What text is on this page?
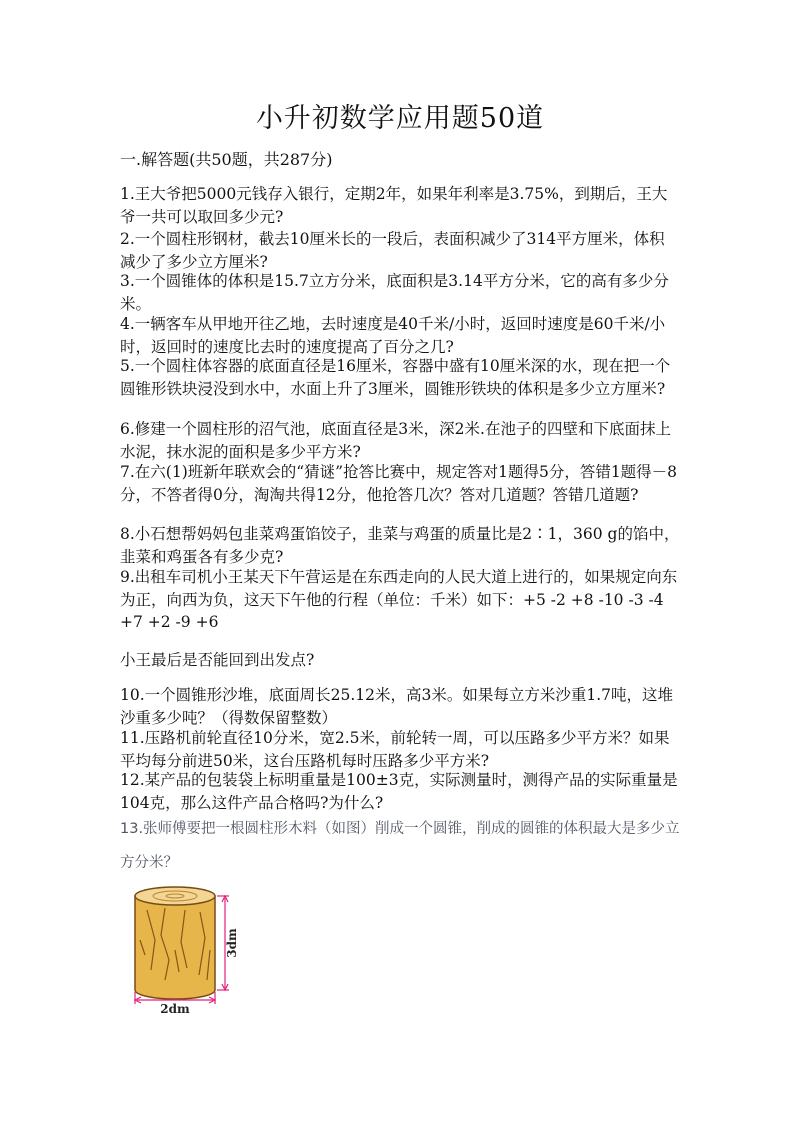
小升初数学应用题50道
一.解答题(共50题，共287分)
1.王大爷把5000元钱存入银行，定期2年，如果年利率是3.75%，到期后，王大爷一共可以取回多少元?
2.一个圆柱形钢材，截去10厘米长的一段后，表面积减少了314平方厘米，体积减少了多少立方厘米?
3.一个圆锥体的体积是15.7立方分米，底面积是3.14平方分米，它的高有多少分米。
4.一辆客车从甲地开往乙地，去时速度是40千米/小时，返回时速度是60千米/小时，返回时的速度比去时的速度提高了百分之几?
5.一个圆柱体容器的底面直径是16厘米，容器中盛有10厘米深的水，现在把一个圆锥形铁块浸没到水中，水面上升了3厘米，圆锥形铁块的体积是多少立方厘米?
6.修建一个圆柱形的沼气池，底面直径是3米，深2米.在池子的四壁和下底面抹上水泥，抹水泥的面积是多少平方米?
7.在六(1)班新年联欢会的“猜谜”抢答比赛中，规定答对1题得5分，答错1题得－8分，不答者得0分，淘淘共得12分，他抢答几次？答对几道题？答错几道题?
8.小石想帮妈妈包韭菜鸡蛋馅饺子，韭菜与鸡蛋的质量比是2∶1，360 g的馅中，韭菜和鸡蛋各有多少克?
9.出租车司机小王某天下午营运是在东西走向的人民大道上进行的，如果规定向东为正，向西为负，这天下午他的行程（单位：千米）如下：+5 -2 +8 -10 -3 -4 +7 +2 -9 +6
小王最后是否能回到出发点?
10.一个圆锥形沙堆，底面周长25.12米，高3米。如果每立方米沙重1.7吨，这堆沙重多少吨？（得数保留整数）
11.压路机前轮直径10分米，宽2.5米，前轮转一周，可以压路多少平方米？如果平均每分前进50米，这台压路机每时压路多少平方米?
12.某产品的包装袋上标明重量是100±3克，实际测量时，测得产品的实际重量是104克，那么这件产品合格吗?为什么?
13.张师傅要把一根圆柱形木料（如图）削成一个圆锥，削成的圆锥的体积最大是多少立方分米？
3dm
2dm
